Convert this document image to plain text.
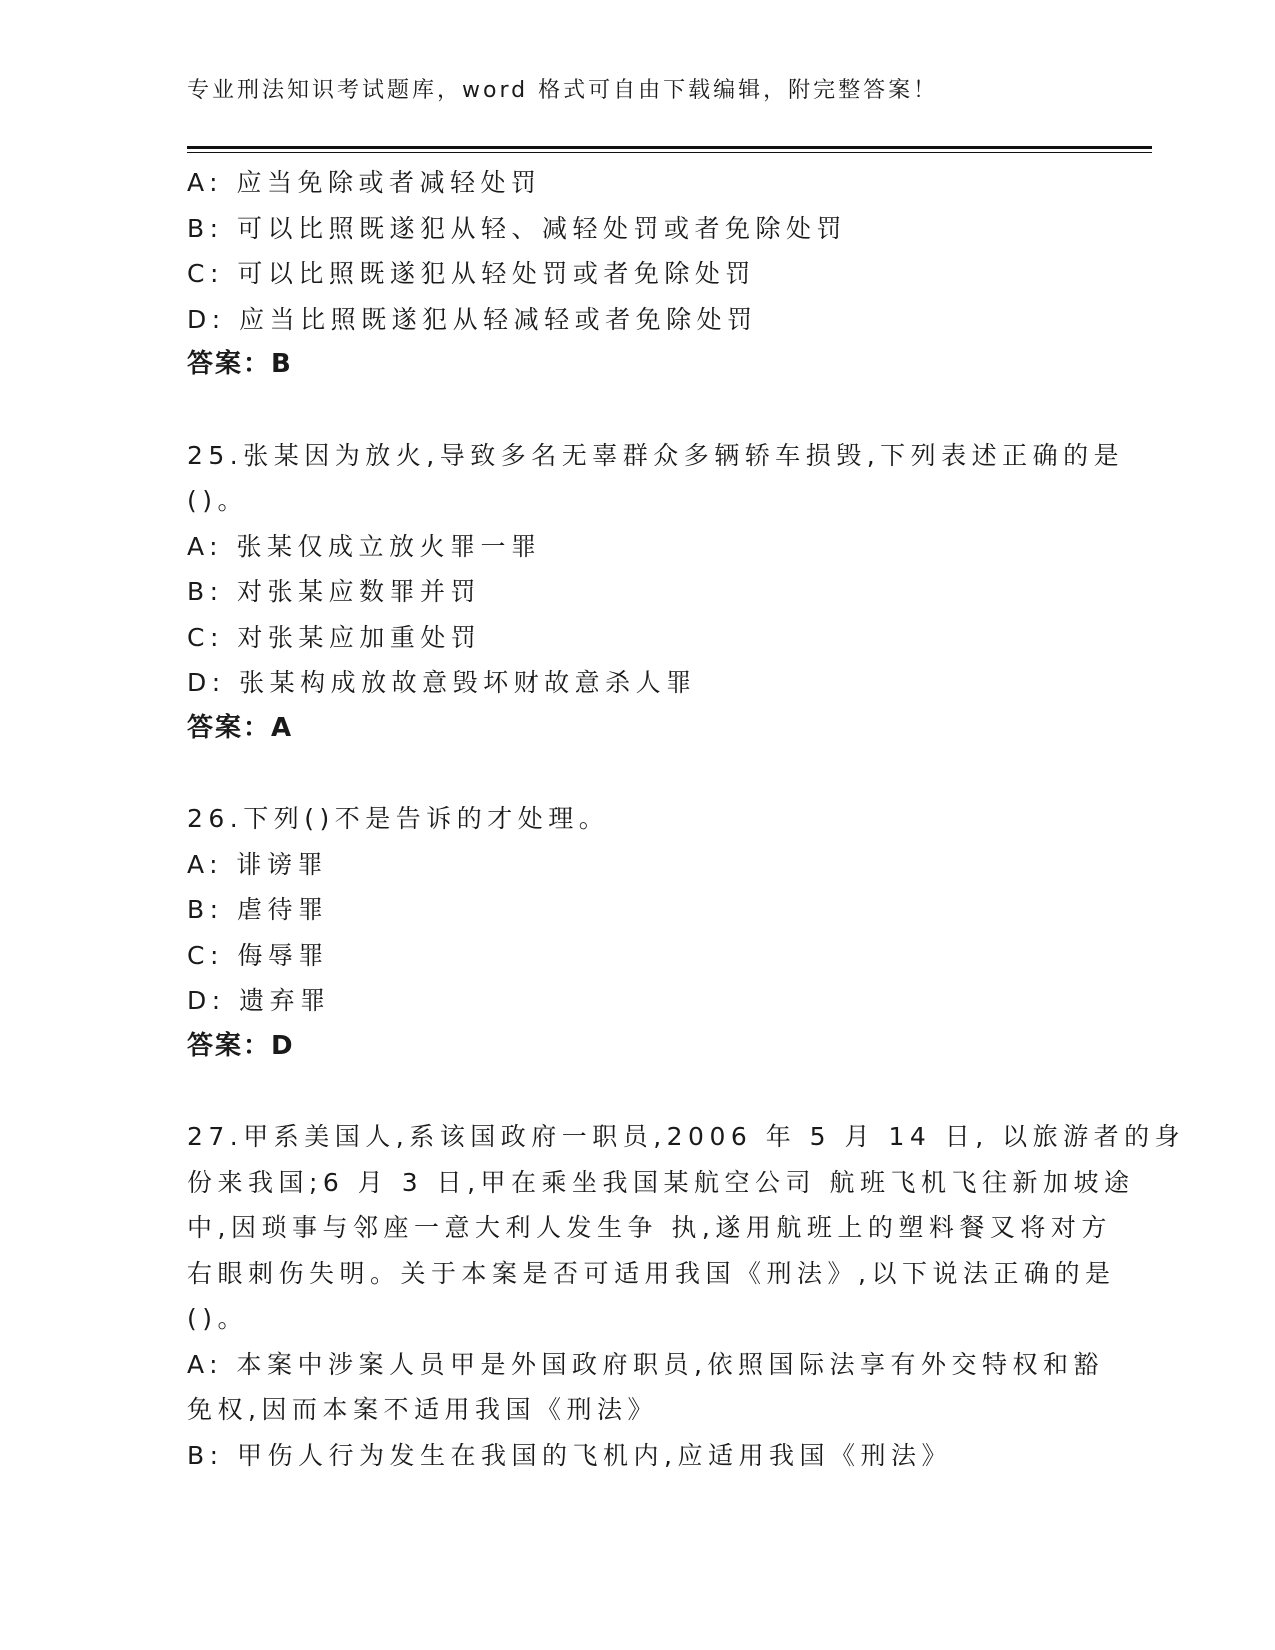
专业刑法知识考试题库，word 格式可自由下载编辑，附完整答案！
A: 应当免除或者减轻处罚
B: 可以比照既遂犯从轻、减轻处罚或者免除处罚
C: 可以比照既遂犯从轻处罚或者免除处罚
D: 应当比照既遂犯从轻减轻或者免除处罚
答案：B
25.张某因为放火,导致多名无辜群众多辆轿车损毁,下列表述正确的是
()。
A: 张某仅成立放火罪一罪
B: 对张某应数罪并罚
C: 对张某应加重处罚
D: 张某构成放故意毁坏财故意杀人罪
答案：A
26.下列()不是告诉的才处理。
A: 诽谤罪
B: 虐待罪
C: 侮辱罪
D: 遗弃罪
答案：D
27.甲系美国人,系该国政府一职员,2006 年 5 月 14 日, 以旅游者的身
份来我国;6 月 3 日,甲在乘坐我国某航空公司 航班飞机飞往新加坡途
中,因琐事与邻座一意大利人发生争 执,遂用航班上的塑料餐叉将对方
右眼刺伤失明。关于本案是否可适用我国《刑法》,以下说法正确的是
()。
A: 本案中涉案人员甲是外国政府职员,依照国际法享有外交特权和豁
免权,因而本案不适用我国《刑法》
B: 甲伤人行为发生在我国的飞机内,应适用我国《刑法》
